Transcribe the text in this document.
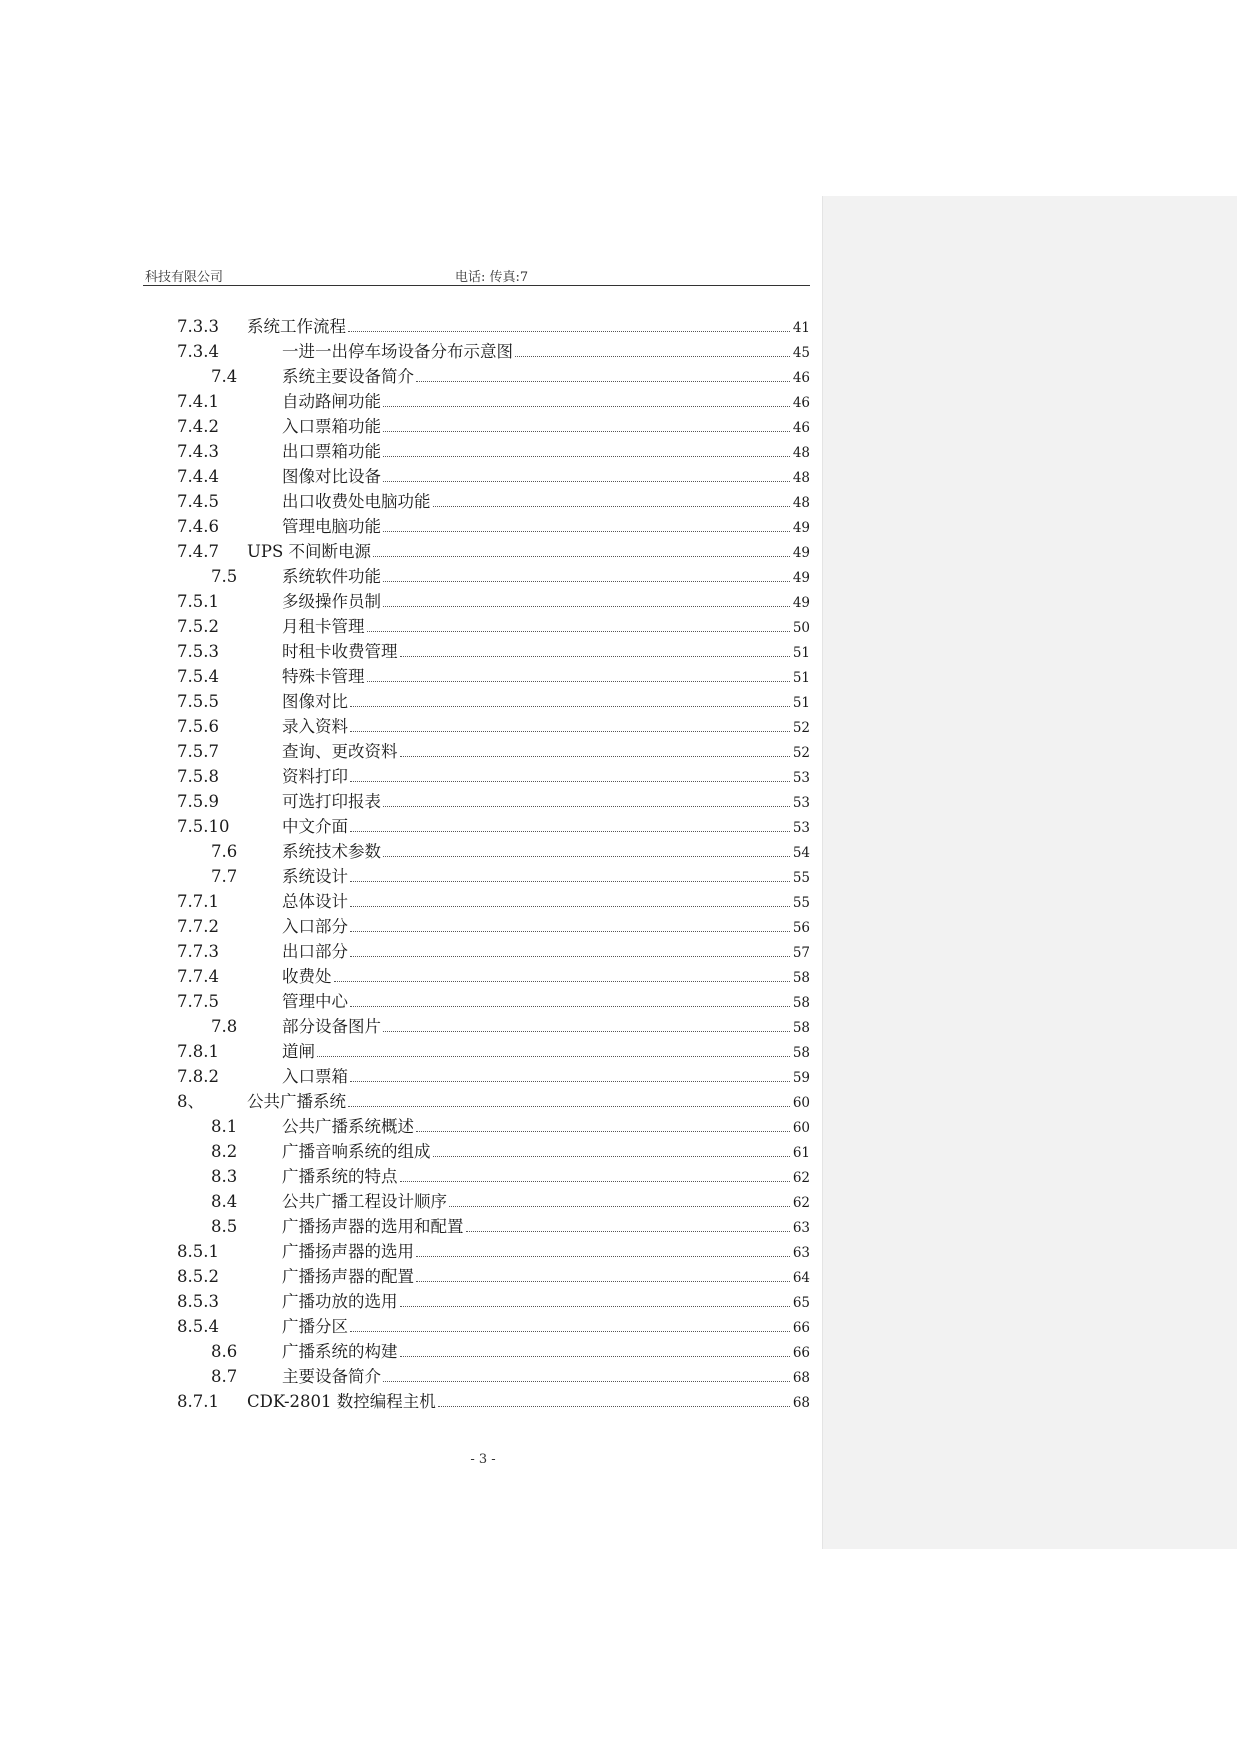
科技有限公司	电话: 传真:7
7.3.3 系统工作流程	41
7.3.4	一进一出停车场设备分布示意图	45
7.4	系统主要设备简介	46
7.4.1	自动路闸功能	46
7.4.2	入口票箱功能	46
7.4.3	出口票箱功能	48
7.4.4	图像对比设备	48
7.4.5	出口收费处电脑功能	48
7.4.6	管理电脑功能	49
7.4.7 UPS 不间断电源	49
7.5	系统软件功能	49
7.5.1	多级操作员制	49
7.5.2	月租卡管理	50
7.5.3	时租卡收费管理	51
7.5.4	特殊卡管理	51
7.5.5	图像对比	51
7.5.6	录入资料	52
7.5.7	查询、更改资料	52
7.5.8	资料打印	53
7.5.9	可选打印报表	53
7.5.10	中文介面	53
7.6	系统技术参数	54
7.7	系统设计	55
7.7.1	总体设计	55
7.7.2	入口部分	56
7.7.3	出口部分	57
7.7.4	收费处	58
7.7.5	管理中心	58
7.8	部分设备图片	58
7.8.1	道闸	58
7.8.2	入口票箱	59
8、	公共广播系统	60
8.1	公共广播系统概述	60
8.2	广播音响系统的组成	61
8.3	广播系统的特点	62
8.4	公共广播工程设计顺序	62
8.5	广播扬声器的选用和配置	63
8.5.1	广播扬声器的选用	63
8.5.2	广播扬声器的配置	64
8.5.3	广播功放的选用	65
8.5.4	广播分区	66
8.6	广播系统的构建	66
8.7	主要设备简介	68
8.7.1 CDK-2801 数控编程主机	68
- 3 -
